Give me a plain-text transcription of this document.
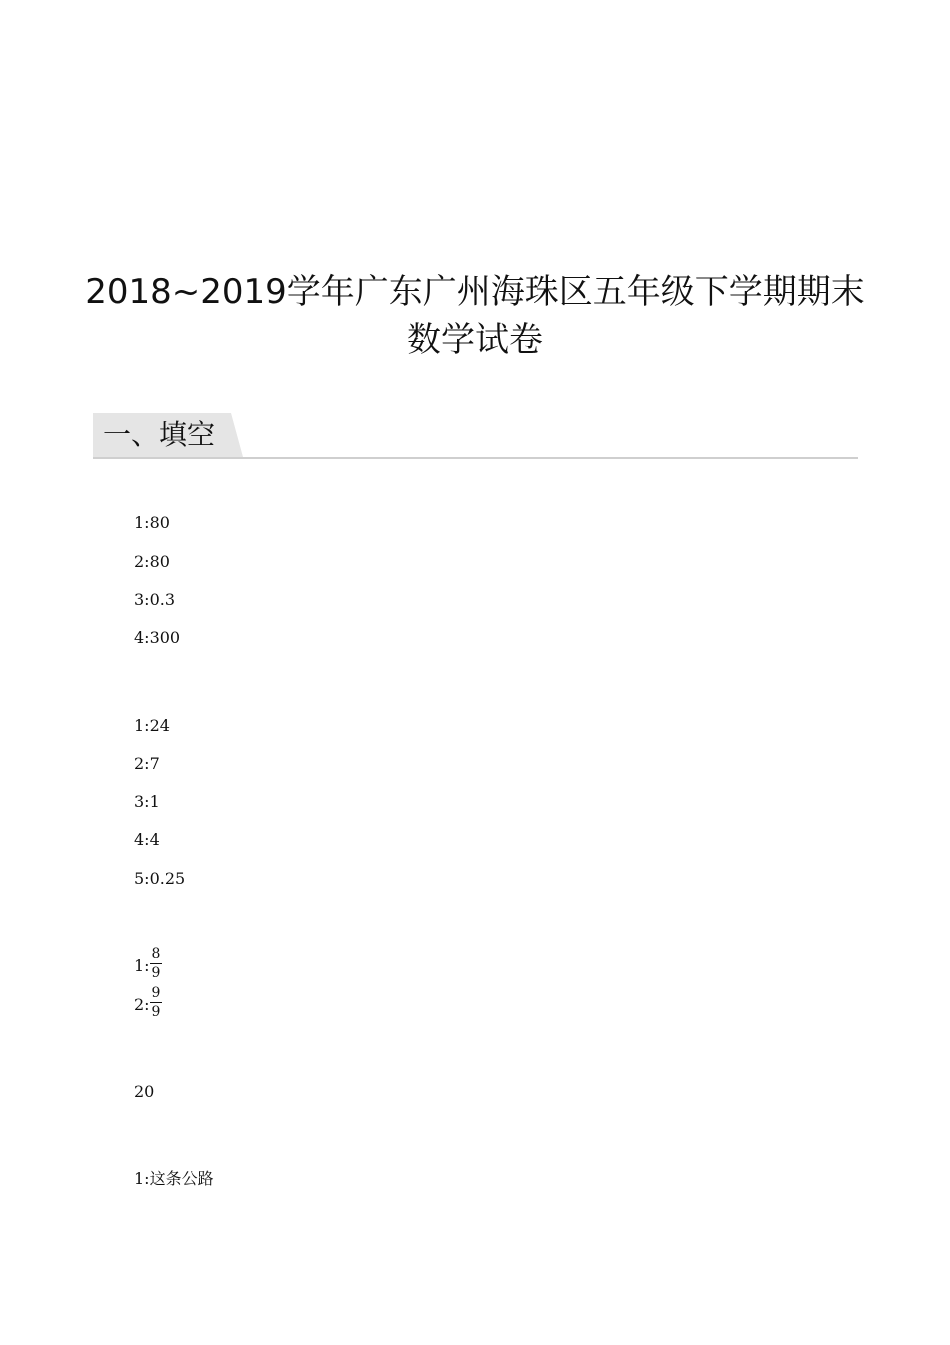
2018~2019学年广东广州海珠区五年级下学期期末
数学试卷
一、填空
1:80
2:80
3:0.3
4:300
1:24
2:7
3:1
4:4
5:0.25
1:
8
9
2:
9
9
20
1:这条公路
